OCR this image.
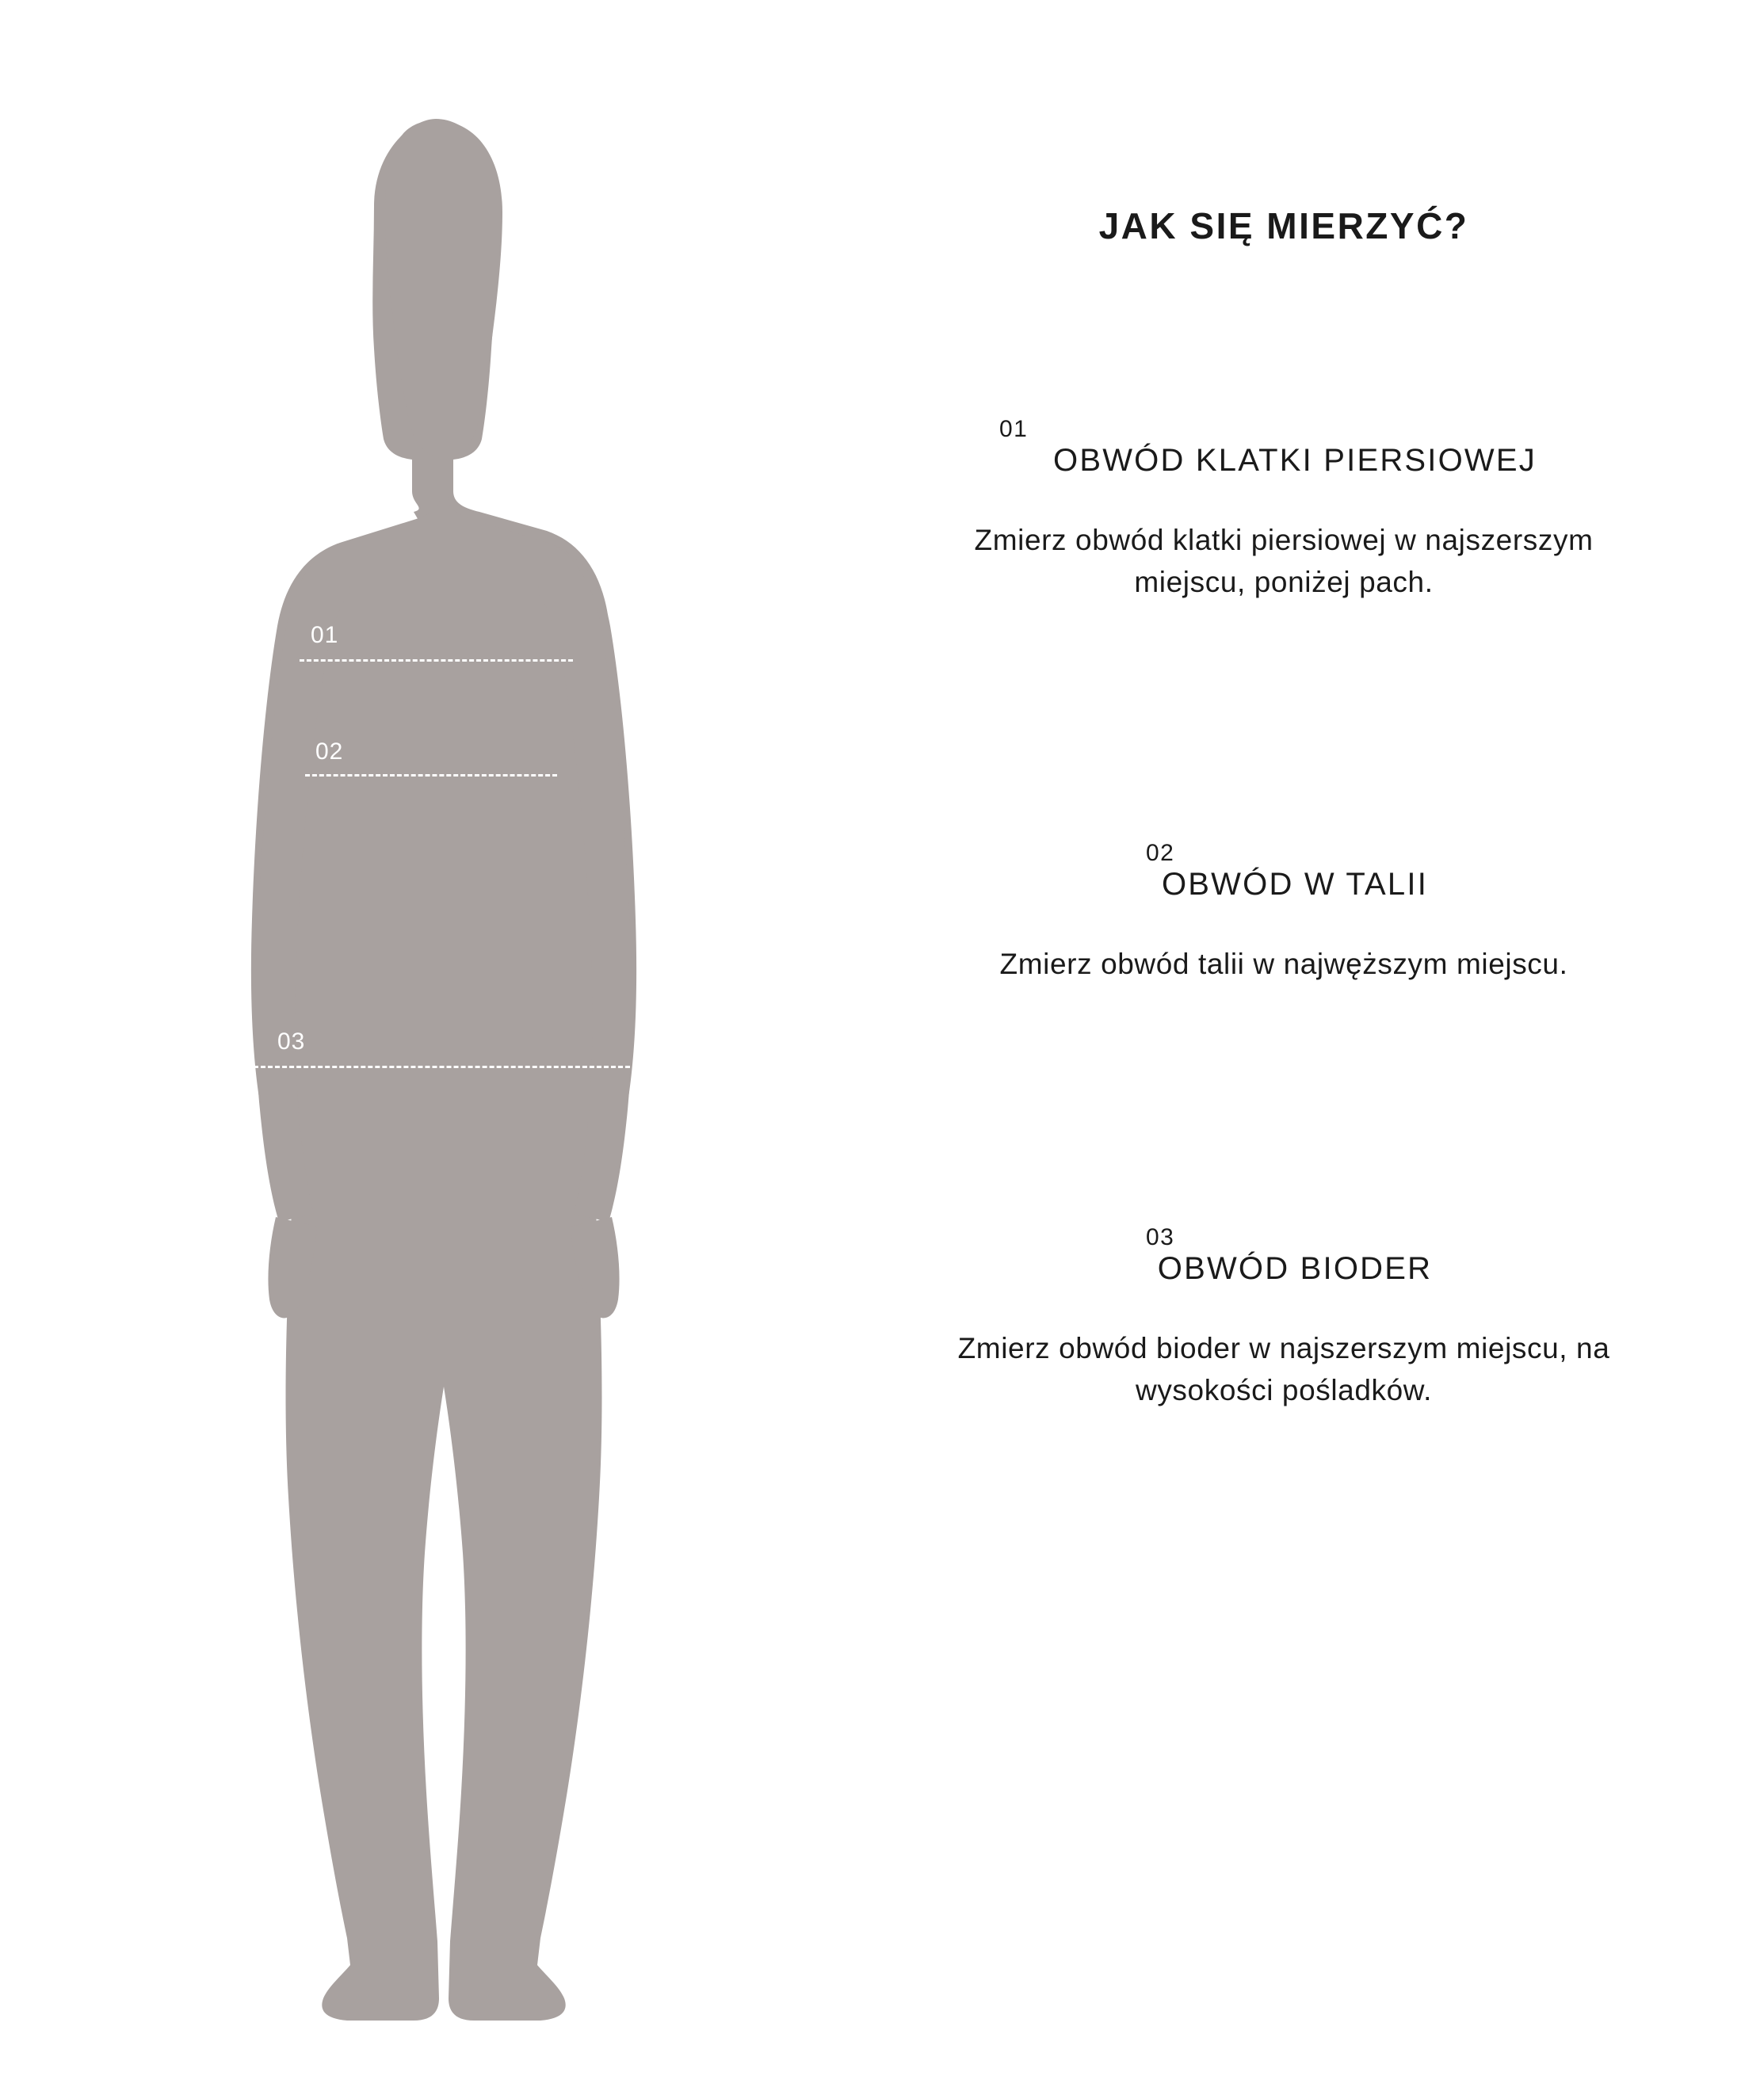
01
02
03
JAK SIĘ MIERZYĆ?
01
OBWÓD KLATKI PIERSIOWEJ
Zmierz obwód klatki piersiowej w najszerszym miejscu, poniżej pach.
02
OBWÓD W TALII
Zmierz obwód talii w najwęższym miejscu.
03
OBWÓD BIODER
Zmierz obwód bioder w najszerszym miejscu, na wysokości pośladków.
